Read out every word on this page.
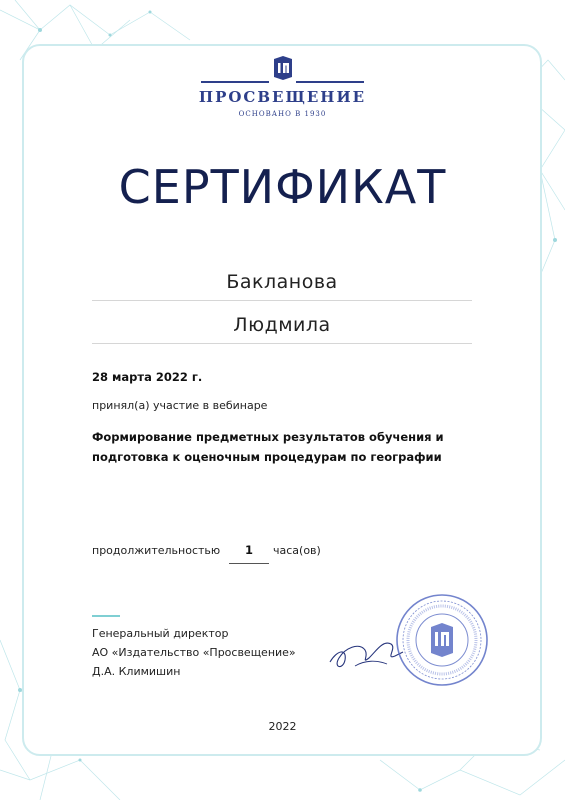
ПРОСВЕЩЕНИЕ
ОСНОВАНО В 1930
СЕРТИФИКАТ
Бакланова
Людмила
28 марта 2022 г.
принял(а) участие в вебинаре
Формирование предметных результатов обучения и
подготовка к оценочным процедурам по географии
продолжительностью	1	часа(ов)
Генеральный директор
АО «Издательство «Просвещение»
Д.А. Климишин
2022
